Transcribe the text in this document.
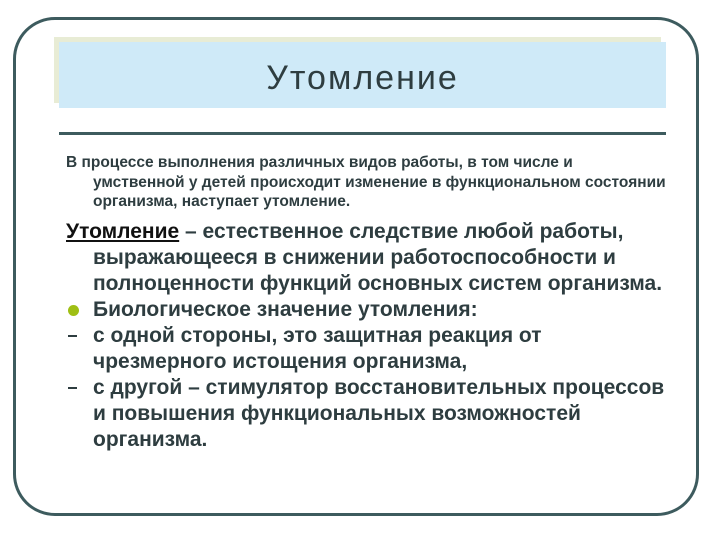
Утомление

В процессе выполнения различных видов работы, в том числе и умственной у детей происходит изменение в функциональном состоянии организма, наступает утомление.

Утомление – естественное следствие любой работы, выражающееся в снижении работоспособности и полноценности функций основных систем организма.

Биологическое значение утомления:
с одной стороны, это защитная реакция от чрезмерного истощения организма,
с другой – стимулятор восстановительных процессов и повышения функциональных возможностей организма.
